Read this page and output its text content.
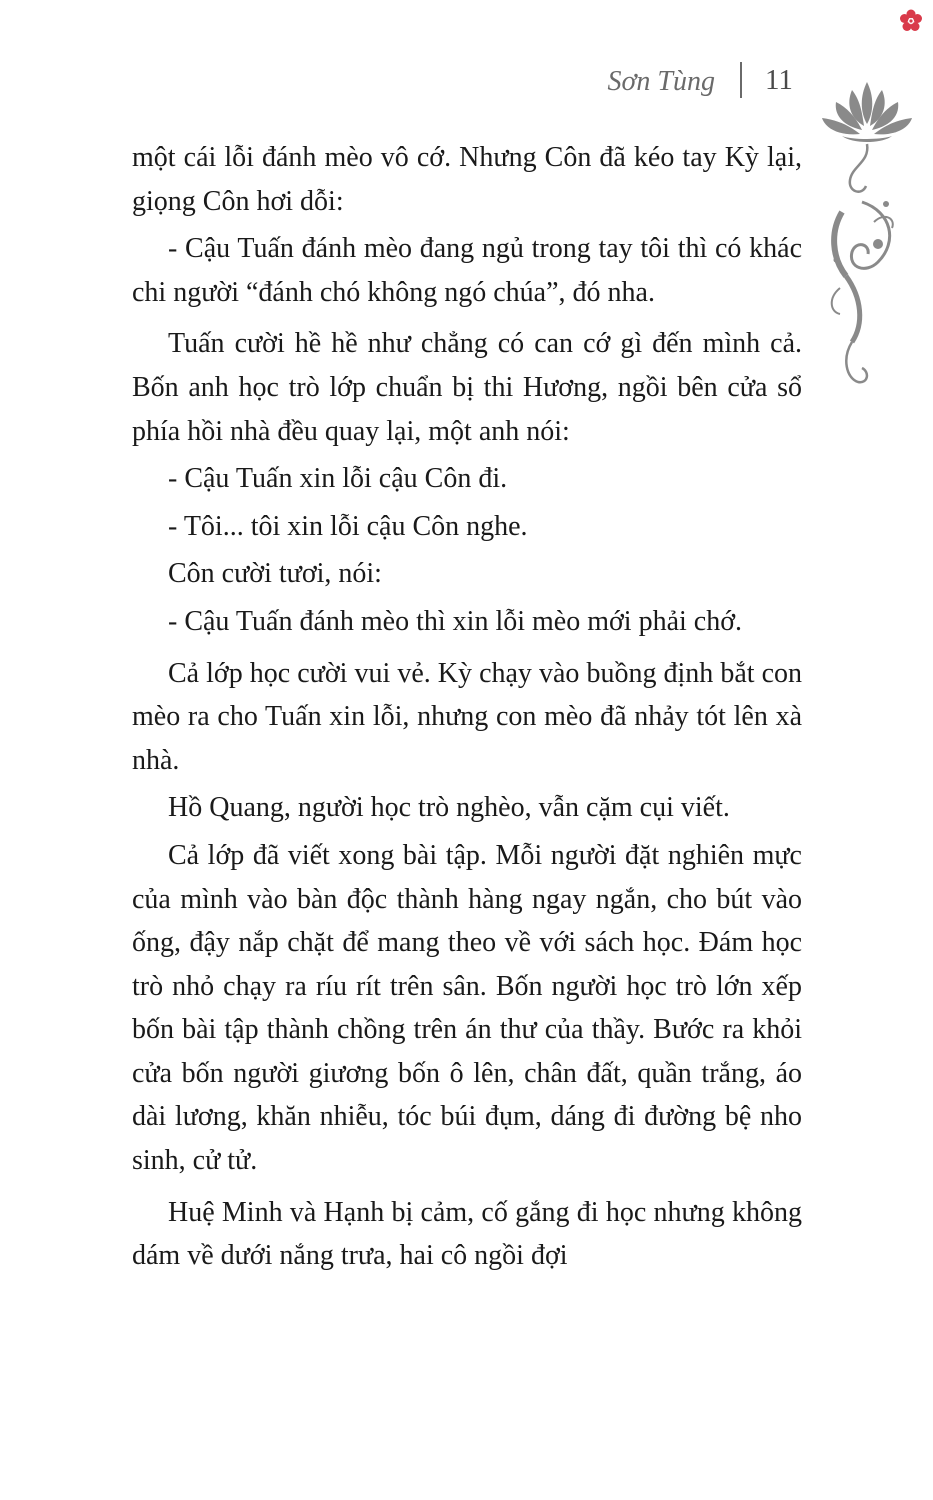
Sơn Tùng 11

một cái lỗi đánh mèo vô cớ. Nhưng Côn đã kéo tay Kỳ lại, giọng Côn hơi dỗi:

- Cậu Tuấn đánh mèo đang ngủ trong tay tôi thì có khác chi người “đánh chó không ngó chúa”, đó nha.

Tuấn cười hề hề như chẳng có can cớ gì đến mình cả. Bốn anh học trò lớp chuẩn bị thi Hương, ngồi bên cửa sổ phía hồi nhà đều quay lại, một anh nói:

- Cậu Tuấn xin lỗi cậu Côn đi.

- Tôi... tôi xin lỗi cậu Côn nghe.

Côn cười tươi, nói:

- Cậu Tuấn đánh mèo thì xin lỗi mèo mới phải chớ.

Cả lớp học cười vui vẻ. Kỳ chạy vào buồng định bắt con mèo ra cho Tuấn xin lỗi, nhưng con mèo đã nhảy tót lên xà nhà.

Hồ Quang, người học trò nghèo, vẫn cặm cụi viết.

Cả lớp đã viết xong bài tập. Mỗi người đặt nghiên mực của mình vào bàn độc thành hàng ngay ngắn, cho bút vào ống, đậy nắp chặt để mang theo về với sách học. Đám học trò nhỏ chạy ra ríu rít trên sân. Bốn người học trò lớn xếp bốn bài tập thành chồng trên án thư của thầy. Bước ra khỏi cửa bốn người giương bốn ô lên, chân đất, quần trắng, áo dài lương, khăn nhiễu, tóc búi đụm, dáng đi đường bệ nho sinh, cử tử.

Huệ Minh và Hạnh bị cảm, cố gắng đi học nhưng không dám về dưới nắng trưa, hai cô ngồi đợi
